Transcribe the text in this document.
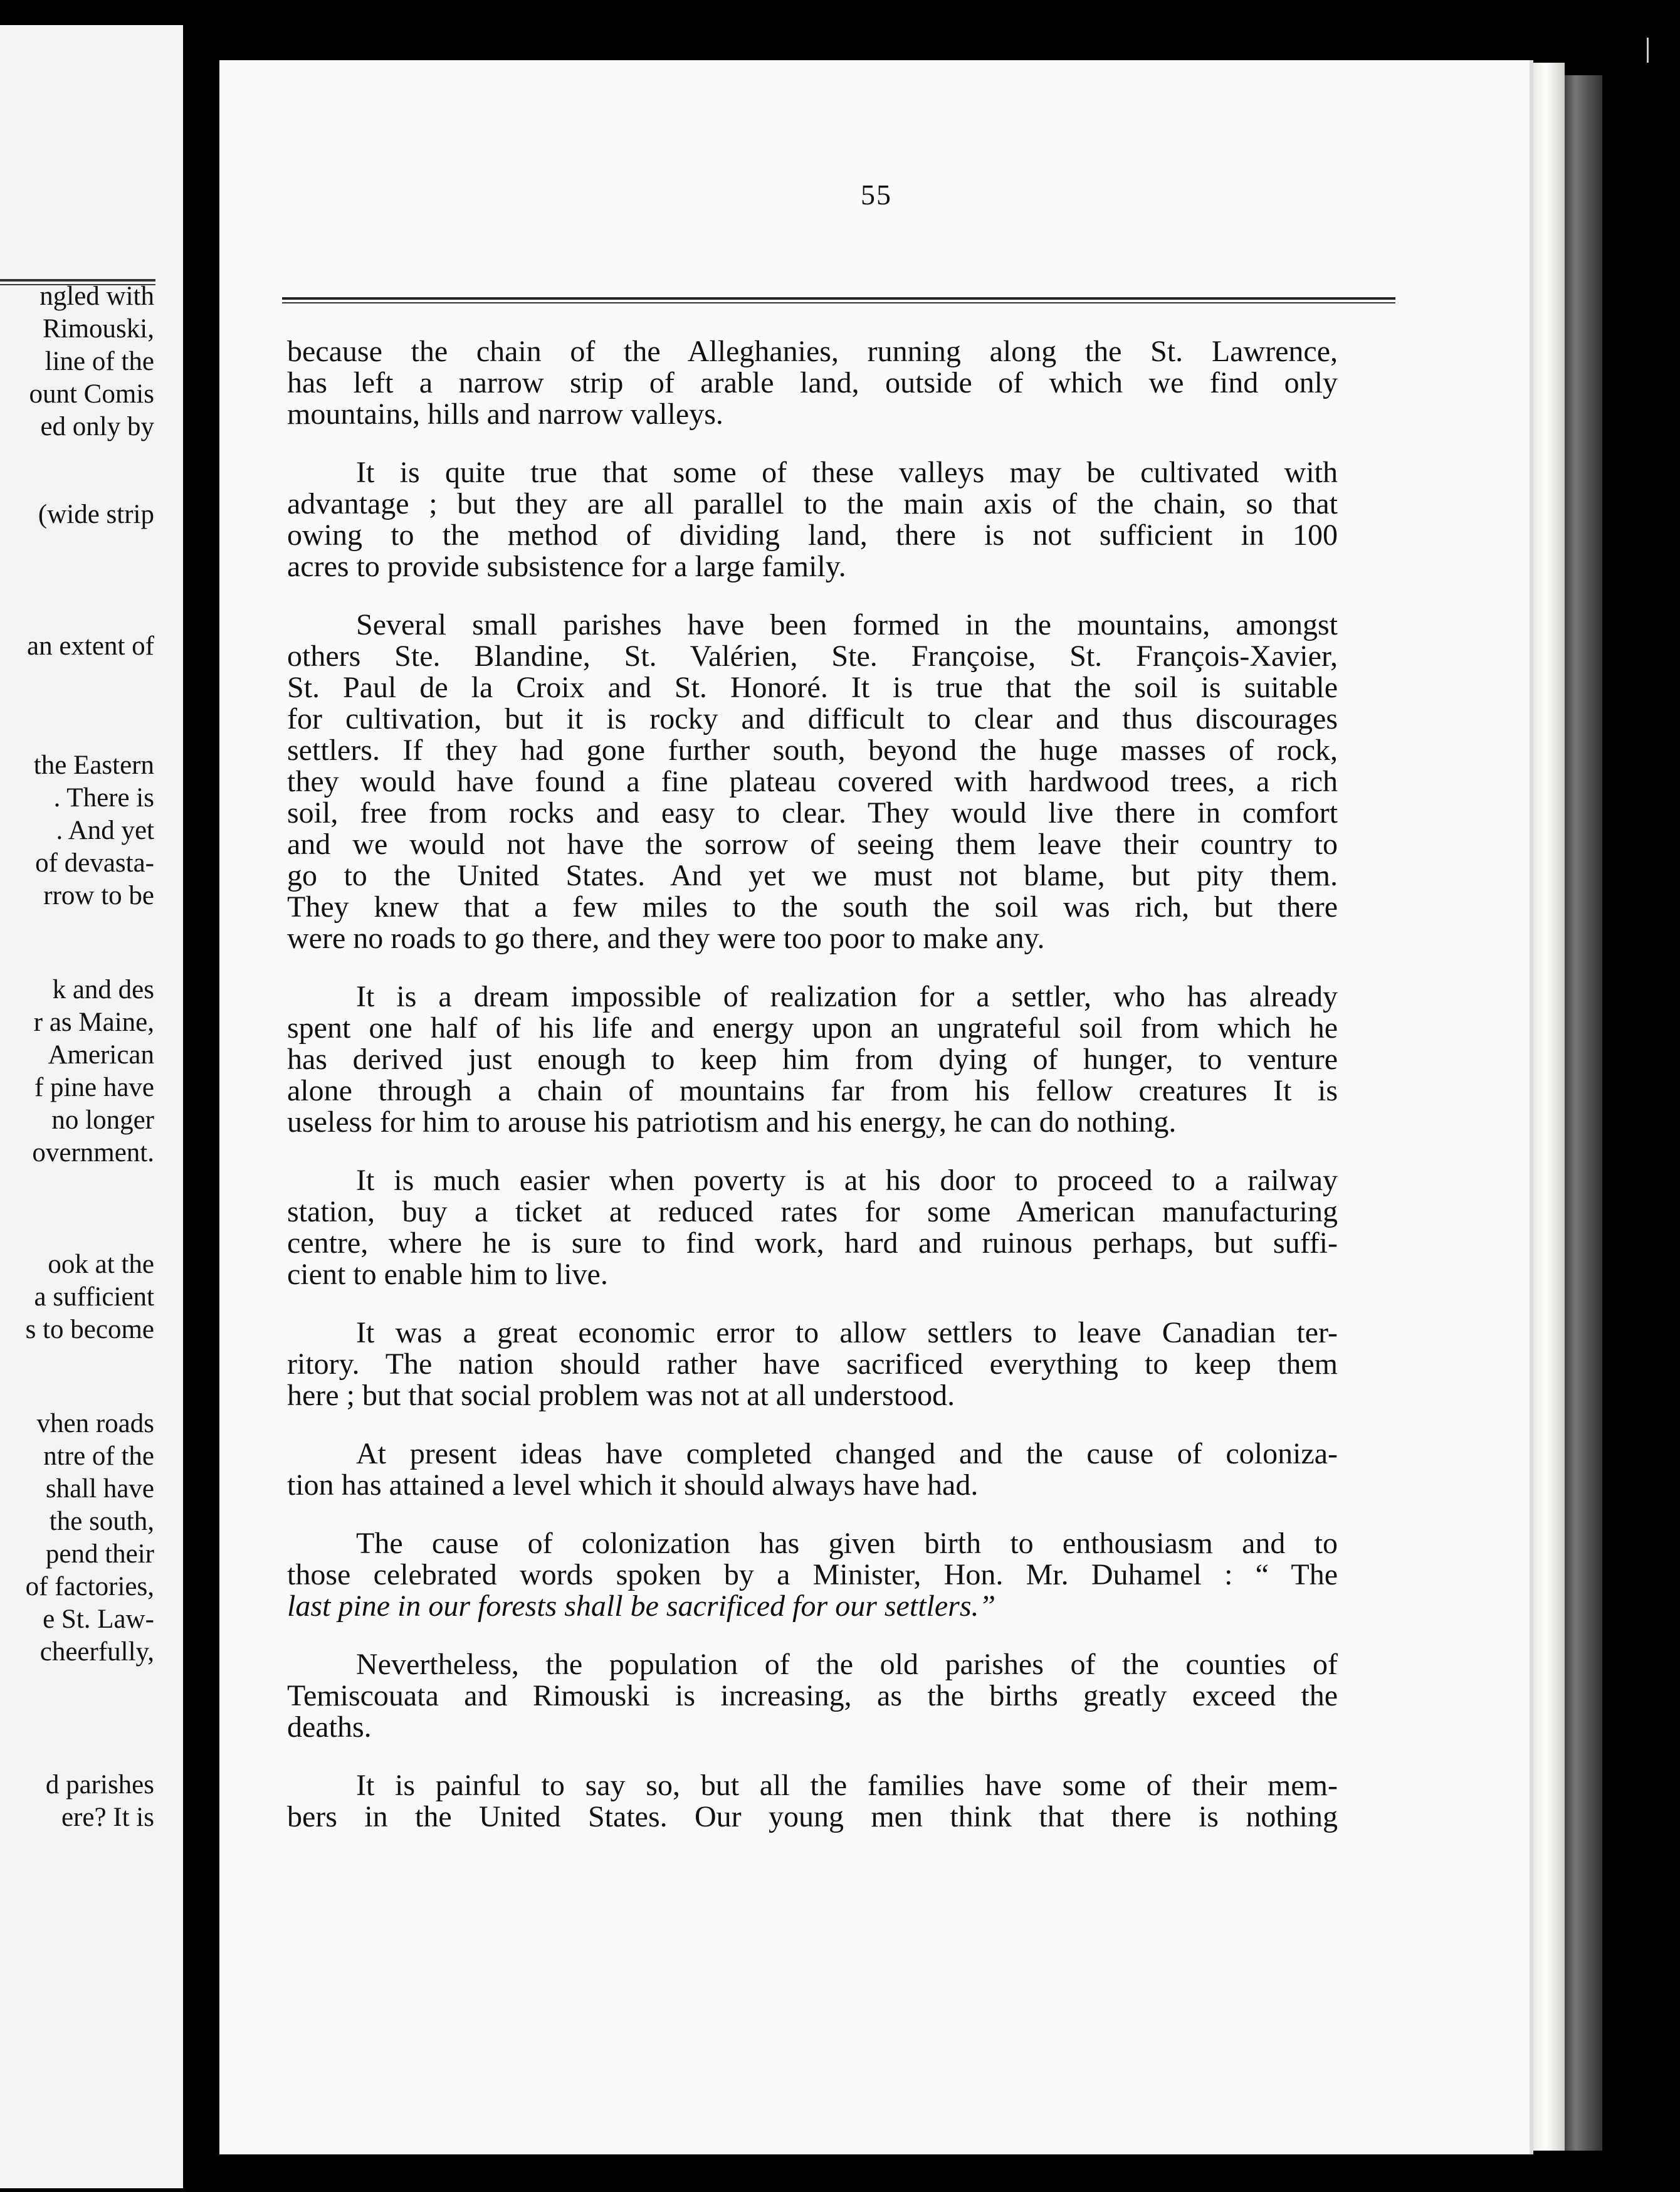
ngled with
Rimouski,
line of the
ount Comis
ed only by
(wide strip
an extent of
the Eastern
. There is
. And yet
of devasta-
rrow to be
k and des
r as Maine,
American
f pine have
no longer
overnment.
ook at the
a sufficient
s to become
vhen roads
ntre of the
shall have
the south,
pend their
of factories,
e St. Law-
cheerfully,
d parishes
ere? It is
55
because the chain of the Alleghanies, running along the St. Lawrence,
has left a narrow strip of arable land, outside of which we find only
mountains, hills and narrow valleys.
It is quite true that some of these valleys may be cultivated with
advantage ; but they are all parallel to the main axis of the chain, so that
owing to the method of dividing land, there is not sufficient in 100
acres to provide subsistence for a large family.
Several small parishes have been formed in the mountains, amongst
others Ste. Blandine, St. Valérien, Ste. Françoise, St. François-Xavier,
St. Paul de la Croix and St. Honoré. It is true that the soil is suitable
for cultivation, but it is rocky and difficult to clear and thus discourages
settlers. If they had gone further south, beyond the huge masses of rock,
they would have found a fine plateau covered with hardwood trees, a rich
soil, free from rocks and easy to clear. They would live there in comfort
and we would not have the sorrow of seeing them leave their country to
go to the United States. And yet we must not blame, but pity them.
They knew that a few miles to the south the soil was rich, but there
were no roads to go there, and they were too poor to make any.
It is a dream impossible of realization for a settler, who has already
spent one half of his life and energy upon an ungrateful soil from which he
has derived just enough to keep him from dying of hunger, to venture
alone through a chain of mountains far from his fellow creatures It is
useless for him to arouse his patriotism and his energy, he can do nothing.
It is much easier when poverty is at his door to proceed to a railway
station, buy a ticket at reduced rates for some American manufacturing
centre, where he is sure to find work, hard and ruinous perhaps, but suffi-
cient to enable him to live.
It was a great economic error to allow settlers to leave Canadian ter-
ritory. The nation should rather have sacrificed everything to keep them
here ; but that social problem was not at all understood.
At present ideas have completed changed and the cause of coloniza-
tion has attained a level which it should always have had.
The cause of colonization has given birth to enthousiasm and to
those celebrated words spoken by a Minister, Hon. Mr. Duhamel : “ The
last pine in our forests shall be sacrificed for our settlers.”
Nevertheless, the population of the old parishes of the counties of
Temiscouata and Rimouski is increasing, as the births greatly exceed the
deaths.
It is painful to say so, but all the families have some of their mem-
bers in the United States. Our young men think that there is nothing
